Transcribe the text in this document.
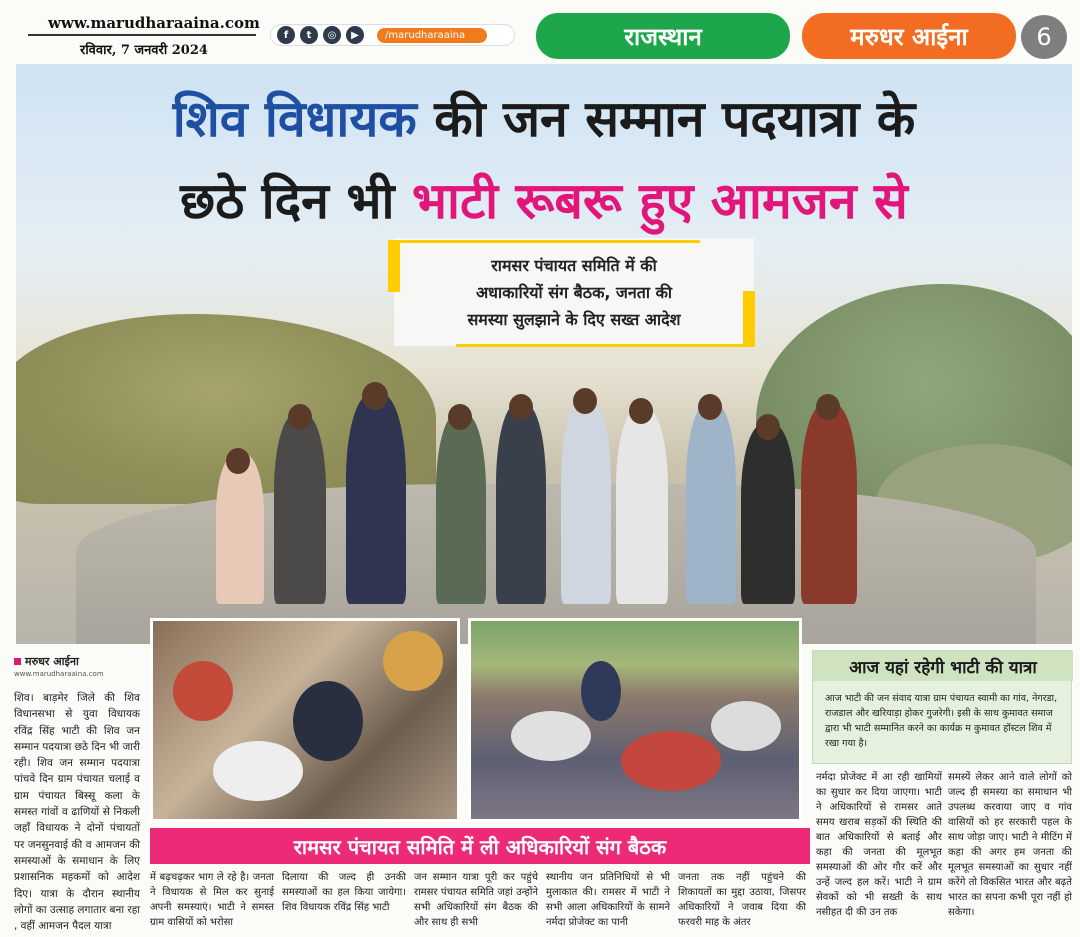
www.marudharaaina.com
रविवार, 7 जनवरी 2024
f	t	◎	▶	/marudharaaina	राजस्थान	मरुधर आईना	6
शिव विधायक की जन सम्मान पदयात्रा के
छठे दिन भी भाटी रूबरू हुए आमजन से
रामसर पंचायत समिति में की
अधाकारियों संग बैठक, जनता की
समस्या सुलझाने के दिए सख्त आदेश
मरुधर आईना
www.marudharaaina.com
शिव। बाड़मेर जिले की शिव विधानसभा से युवा विधायक रविंद्र सिंह भाटी की शिव जन सम्मान पदयात्रा छठे दिन भी जारी रही। शिव जन सम्मान पदयात्रा पांचवे दिन ग्राम पंचायत चलाई व ग्राम पंचायत बिस्सू कला के समस्त गांवों व ढाणियों से निकली जहाँ विधायक ने दोनों पंचायतों पर जनसुनवाई की व आमजन की समस्याओं के समाधान के लिए प्रशासनिक महकमों को आदेश दिए। यात्रा के दौरान स्थानीय लोगों का उत्साह लगातार बना रहा , वहीं आमजन पैदल यात्रा
आज यहां रहेगी भाटी की यात्रा
आज भाटी की जन संवाद यात्रा ग्राम पंचायत स्वामी का गांव, नेगरडा, राजडाल और खरियाड़ा होकर गुजरेगी। इसी के साथ कुमावत समाज द्वारा भी भाटी सम्मानित करने का कार्यक्र म कुमावत हॉस्टल शिव में रखा गया है।
नर्मदा प्रोजेक्ट में आ रही खामियों का सुधार कर दिया जाएगा। भाटी ने अधिकारियों से रामसर आते समय खराब सड़कों की स्थिति की बात अधिकारियों से बताई और कहा की जनता की मूलभूत समस्याओं की ओर गौर करें और उन्हें जल्द हल करें। भाटी ने ग्राम सेवकों को भी सख्ती के साथ नसीहत दी की उन तक
समस्यें लेकर आने वाले लोगों को जल्द ही समस्या का समाधान भी उपलब्ध करवाया जाए व गांव वासियों को हर सरकारी पहल के साथ जोड़ा जाए। भाटी ने मीटिंग में कहा की अगर हम जनता की मूलभूत समस्याओं का सुधार नहीं करेंगे तो विकसित भारत और बढ़ते भारत का सपना कभी पूरा नहीं हो सकेगा।
रामसर पंचायत समिति में ली अधिकारियों संग बैठक
में बढ़चढ़कर भाग ले रहे है। जनता ने विधायक से मिल कर सुनाई अपनी समस्याएं। भाटी ने समस्त ग्राम वासियों को भरोसा
दिलाया की जल्द ही उनकी समस्याओं का हल किया जायेगा। शिव विधायक रविंद्र सिंह भाटी
जन सम्मान यात्रा पूरी कर पहुंचे रामसर पंचायत समिति जहां उन्होंने सभी अधिकारियों संग बैठक की और साथ ही सभी
स्थानीय जन प्रतिनिधियों से भी मुलाकात की। रामसर में भाटी ने सभी आला अधिकारियों के सामने नर्मदा प्रोजेक्ट का पानी
जनता तक नहीं पहुंचने की शिकायतों का मुद्दा उठाया, जिसपर अधिकारियों ने जवाब दिया की फरवरी माह के अंतर
